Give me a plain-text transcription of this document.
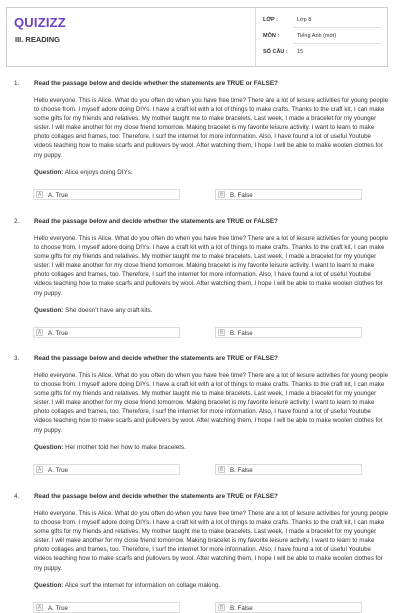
QUIZIZZ
III. READING
LỚP :	Lớp 8
MÔN :	Tiếng Anh (mới)
SỐ CÂU : 15
1. Read the passage below and decide whether the statements are TRUE or FALSE?
Hello everyone. This is Alice. What do you often do when you have free time? There are a lot of leisure activities for young people to choose from. I myself adore doing DIYs. I have a craft kit with a lot of things to make crafts. Thanks to the craft kit, I can make some gifts for my friends and relatives. My mother taught me to make bracelets. Last week, I made a bracelet for my younger sister. I will make another for my close friend tomorrow. Making bracelet is my favorite leisure activity. I want to learn to make photo collages and frames, too. Therefore, I surf the internet for more information. Also, I have found a lot of useful Youtube videos teaching how to make scarfs and pullovers by wool. After watching them, I hope I will be able to make woolen clothes for my puppy.
Question: Alice enjoys doing DIYs.
A A. True	B B. False
2. Read the passage below and decide whether the statements are TRUE or FALSE?
Hello everyone. This is Alice. What do you often do when you have free time? There are a lot of leisure activities for young people to choose from. I myself adore doing DIYs. I have a craft kit with a lot of things to make crafts. Thanks to the craft kit, I can make some gifts for my friends and relatives. My mother taught me to make bracelets. Last week, I made a bracelet for my younger sister. I will make another for my close friend tomorrow. Making bracelet is my favorite leisure activity. I want to learn to make photo collages and frames, too. Therefore, I surf the internet for more information. Also, I have found a lot of useful Youtube videos teaching how to make scarfs and pullovers by wool. After watching them, I hope I will be able to make woolen clothes for my puppy.
Question: She doesn't have any craft kits.
A A. True	B B. False
3. Read the passage below and decide whether the statements are TRUE or FALSE?
Hello everyone. This is Alice. What do you often do when you have free time? There are a lot of leisure activities for young people to choose from. I myself adore doing DIYs. I have a craft kit with a lot of things to make crafts. Thanks to the craft kit, I can make some gifts for my friends and relatives. My mother taught me to make bracelets. Last week, I made a bracelet for my younger sister. I will make another for my close friend tomorrow. Making bracelet is my favorite leisure activity. I want to learn to make photo collages and frames, too. Therefore, I surf the internet for more information. Also, I have found a lot of useful Youtube videos teaching how to make scarfs and pullovers by wool. After watching them, I hope I will be able to make woolen clothes for my puppy.
Question: Her mother told her how to make bracelets.
A A. True	B B. False
4. Read the passage below and decide whether the statements are TRUE or FALSE?
Hello everyone. This is Alice. What do you often do when you have free time? There are a lot of leisure activities for young people to choose from. I myself adore doing DIYs. I have a craft kit with a lot of things to make crafts. Thanks to the craft kit, I can make some gifts for my friends and relatives. My mother taught me to make bracelets. Last week, I made a bracelet for my younger sister. I will make another for my close friend tomorrow. Making bracelet is my favorite leisure activity. I want to learn to make photo collages and frames, too. Therefore, I surf the internet for more information. Also, I have found a lot of useful Youtube videos teaching how to make scarfs and pullovers by wool. After watching them, I hope I will be able to make woolen clothes for my puppy.
Question: Alice surf the internet for information on collage making.
A A. True	B B. False
